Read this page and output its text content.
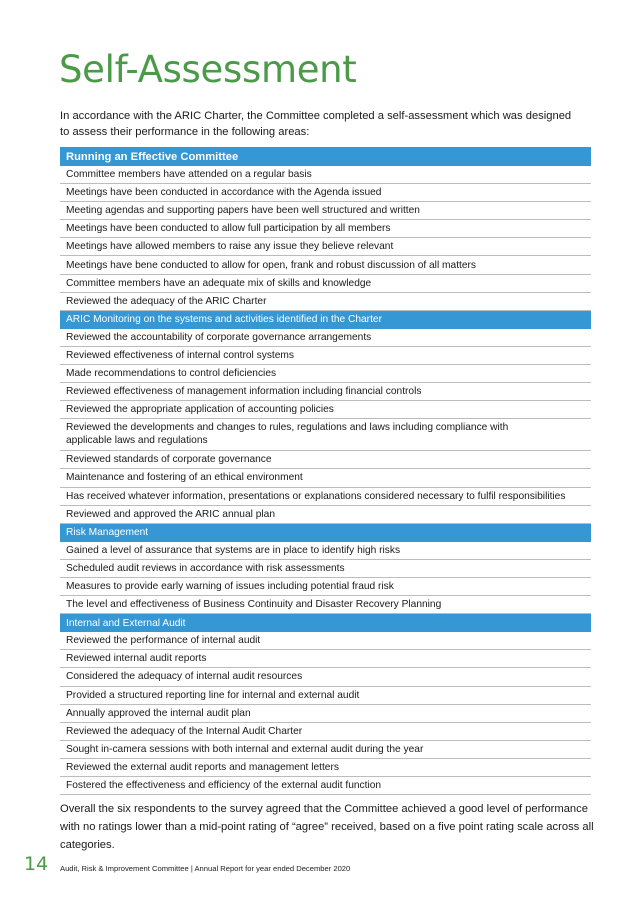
Self-Assessment

In accordance with the ARIC Charter, the Committee completed a self-assessment which was designed to assess their performance in the following areas:

Running an Effective Committee
Committee members have attended on a regular basis
Meetings have been conducted in accordance with the Agenda issued
Meeting agendas and supporting papers have been well structured and written
Meetings have been conducted to allow full participation by all members
Meetings have allowed members to raise any issue they believe relevant
Meetings have bene conducted to allow for open, frank and robust discussion of all matters
Committee members have an adequate mix of skills and knowledge
Reviewed the adequacy of the ARIC Charter
ARIC Monitoring on the systems and activities identified in the Charter
Reviewed the accountability of corporate governance arrangements
Reviewed effectiveness of internal control systems
Made recommendations to control deficiencies
Reviewed effectiveness of management information including financial controls
Reviewed the appropriate application of accounting policies
Reviewed the developments and changes to rules, regulations and laws including compliance with applicable laws and regulations
Reviewed standards of corporate governance
Maintenance and fostering of an ethical environment
Has received whatever information, presentations or explanations considered necessary to fulfil responsibilities
Reviewed and approved the ARIC annual plan
Risk Management
Gained a level of assurance that systems are in place to identify high risks
Scheduled audit reviews in accordance with risk assessments
Measures to provide early warning of issues including potential fraud risk
The level and effectiveness of Business Continuity and Disaster Recovery Planning
Internal and External Audit
Reviewed the performance of internal audit
Reviewed internal audit reports
Considered the adequacy of internal audit resources
Provided a structured reporting line for internal and external audit
Annually approved the internal audit plan
Reviewed the adequacy of the Internal Audit Charter
Sought in-camera sessions with both internal and external audit during the year
Reviewed the external audit reports and management letters
Fostered the effectiveness and efficiency of the external audit function

Overall the six respondents to the survey agreed that the Committee achieved a good level of performance with no ratings lower than a mid-point rating of “agree” received, based on a five point rating scale across all categories.

14 Audit, Risk & Improvement Committee | Annual Report for year ended December 2020
